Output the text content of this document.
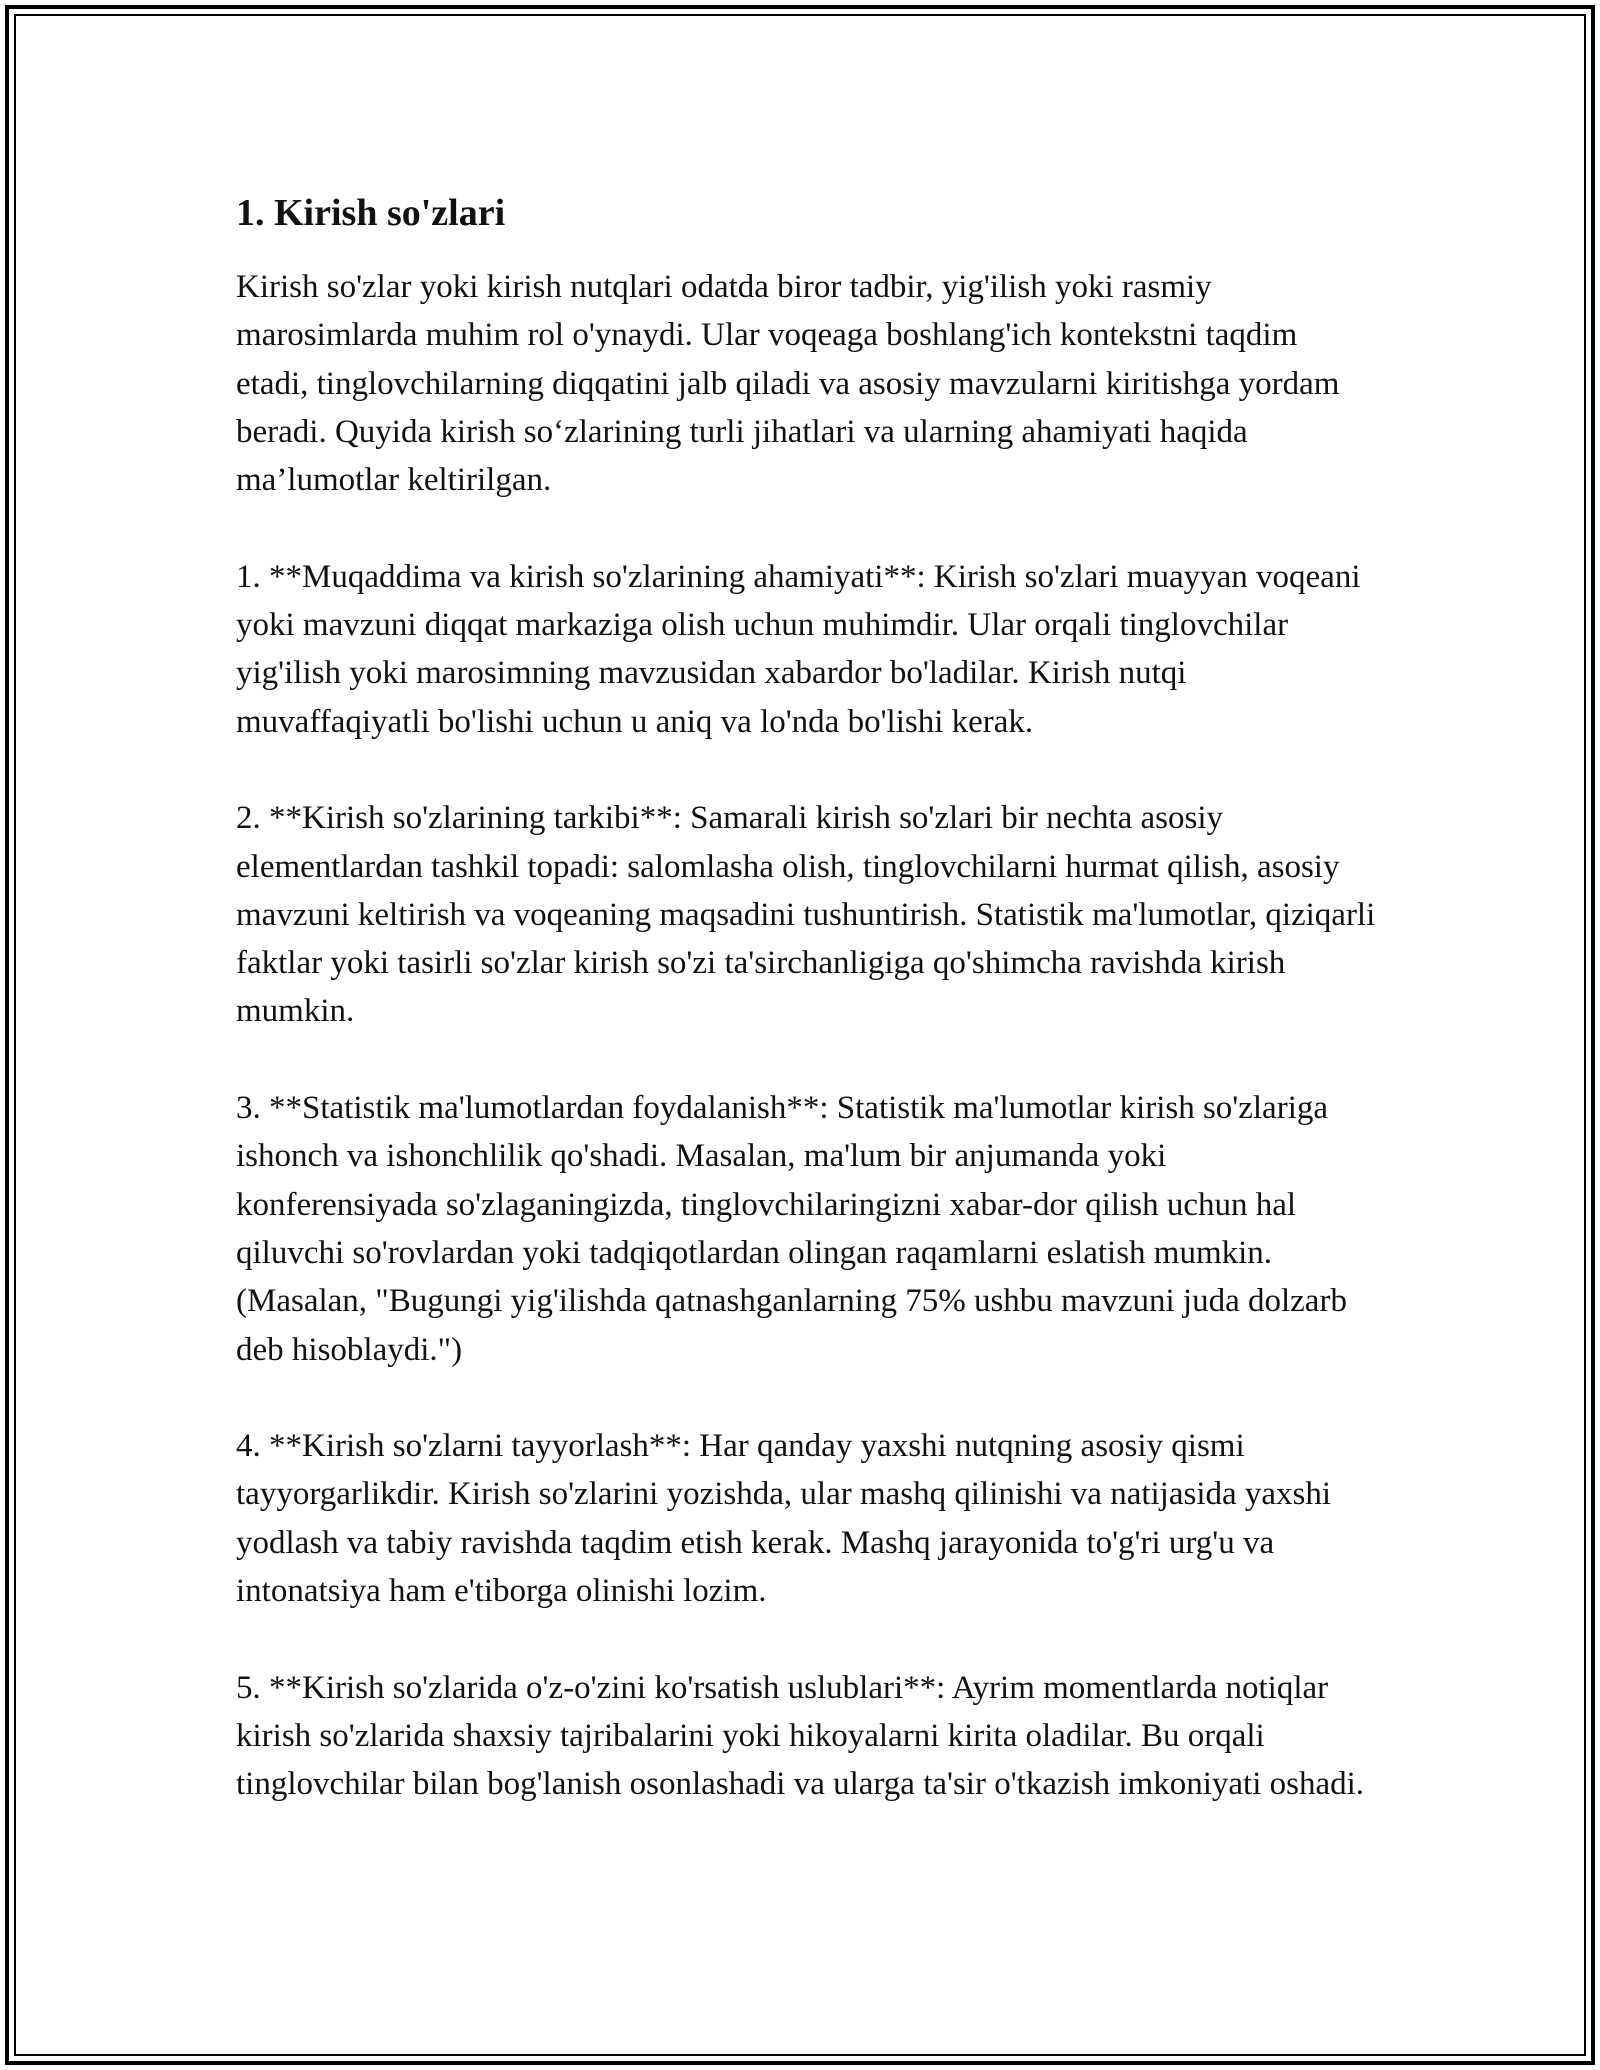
1. Kirish so'zlari

Kirish so'zlar yoki kirish nutqlari odatda biror tadbir, yig'ilish yoki rasmiy marosimlarda muhim rol o'ynaydi. Ular voqeaga boshlang'ich kontekstni taqdim etadi, tinglovchilarning diqqatini jalb qiladi va asosiy mavzularni kiritishga yordam beradi. Quyida kirish so‘zlarining turli jihatlari va ularning ahamiyati haqida ma’lumotlar keltirilgan.

1. **Muqaddima va kirish so'zlarining ahamiyati**: Kirish so'zlari muayyan voqeani yoki mavzuni diqqat markaziga olish uchun muhimdir. Ular orqali tinglovchilar yig'ilish yoki marosimning mavzusidan xabardor bo'ladilar. Kirish nutqi muvaffaqiyatli bo'lishi uchun u aniq va lo'nda bo'lishi kerak.

2. **Kirish so'zlarining tarkibi**: Samarali kirish so'zlari bir nechta asosiy elementlardan tashkil topadi: salomlasha olish, tinglovchilarni hurmat qilish, asosiy mavzuni keltirish va voqeaning maqsadini tushuntirish. Statistik ma'lumotlar, qiziqarli faktlar yoki tasirli so'zlar kirish so'zi ta'sirchanligiga qo'shimcha ravishda kirish mumkin.

3. **Statistik ma'lumotlardan foydalanish**: Statistik ma'lumotlar kirish so'zlariga ishonch va ishonchlilik qo'shadi. Masalan, ma'lum bir anjumanda yoki konferensiyada so'zlaganingizda, tinglovchilaringizni xabar-dor qilish uchun hal qiluvchi so'rovlardan yoki tadqiqotlardan olingan raqamlarni eslatish mumkin. (Masalan, "Bugungi yig'ilishda qatnashganlarning 75% ushbu mavzuni juda dolzarb deb hisoblaydi.")

4. **Kirish so'zlarni tayyorlash**: Har qanday yaxshi nutqning asosiy qismi tayyorgarlikdir. Kirish so'zlarini yozishda, ular mashq qilinishi va natijasida yaxshi yodlash va tabiy ravishda taqdim etish kerak. Mashq jarayonida to'g'ri urg'u va intonatsiya ham e'tiborga olinishi lozim.

5. **Kirish so'zlarida o'z-o'zini ko'rsatish uslublari**: Ayrim momentlarda notiqlar kirish so'zlarida shaxsiy tajribalarini yoki hikoyalarni kirita oladilar. Bu orqali tinglovchilar bilan bog'lanish osonlashadi va ularga ta'sir o'tkazish imkoniyati oshadi.
